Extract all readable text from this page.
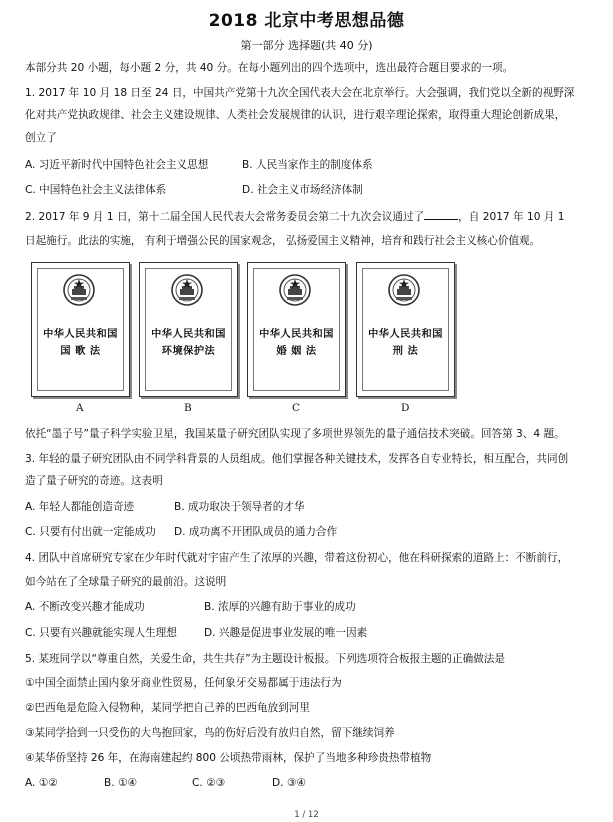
2018 北京中考思想品德
第一部分 选择题(共 40 分)
本部分共 20 小题，每小题 2 分，共 40 分。在每小题列出的四个选项中，选出最符合题目要求的一项。
1. 2017 年 10 月 18 日至 24 日，中国共产党第十九次全国代表大会在北京举行。大会强调，我们党以全新的视野深
化对共产党执政规律、社会主义建设规律、人类社会发展规律的认识，进行艰辛理论探索，取得重大理论创新成果，
创立了
A. 习近平新时代中国特色社会主义思想	B. 人民当家作主的制度体系
C. 中国特色社会主义法律体系	D. 社会主义市场经济体制
2. 2017 年 9 月 1 日，第十二届全国人民代表大会常务委员会第二十九次会议通过了	，自 2017 年 10 月 1
日起施行。此法的实施， 有利于增强公民的国家观念， 弘扬爱国主义精神，培育和践行社会主义核心价值观。
中华人民共和国
国 歌 法
中华人民共和国
环境保护法
中华人民共和国
婚 姻 法
中华人民共和国
刑 法
A	B	C	D
依托“墨子号”量子科学实验卫星，我国某量子研究团队实现了多项世界领先的量子通信技术突破。回答第 3、4 题。
3. 年轻的量子研究团队由不同学科背景的人员组成。他们掌握各种关键技术，发挥各自专业特长，相互配合，共同创
造了量子研究的奇迹。这表明
A. 年轻人都能创造奇迹	B. 成功取决于领导者的才华
C. 只要有付出就一定能成功 D. 成功离不开团队成员的通力合作
4. 团队中首席研究专家在少年时代就对宇宙产生了浓厚的兴趣，带着这份初心，他在科研探索的道路上：不断前行，
如今站在了全球量子研究的最前沿。这说明
A. 不断改变兴趣才能成功	B. 浓厚的兴趣有助于事业的成功
C. 只要有兴趣就能实现人生理想	D. 兴趣是促进事业发展的唯一因素
5. 某班同学以“尊重自然，关爱生命，共生共存”为主题设计板报。下列选项符合板报主题的正确做法是
①中国全面禁止国内象牙商业性贸易，任何象牙交易都属于违法行为
②巴西龟是危险入侵物种，某同学把自己养的巴西龟放到河里
③某同学拾到一只受伤的大鸟抱回家，鸟的伤好后没有放归自然，留下继续饲养
④某华侨坚持 26 年，在海南建起约 800 公顷热带雨林，保护了当地多种珍贵热带植物
A. ①②	B. ①④	C. ②③	D. ③④
1 / 12
